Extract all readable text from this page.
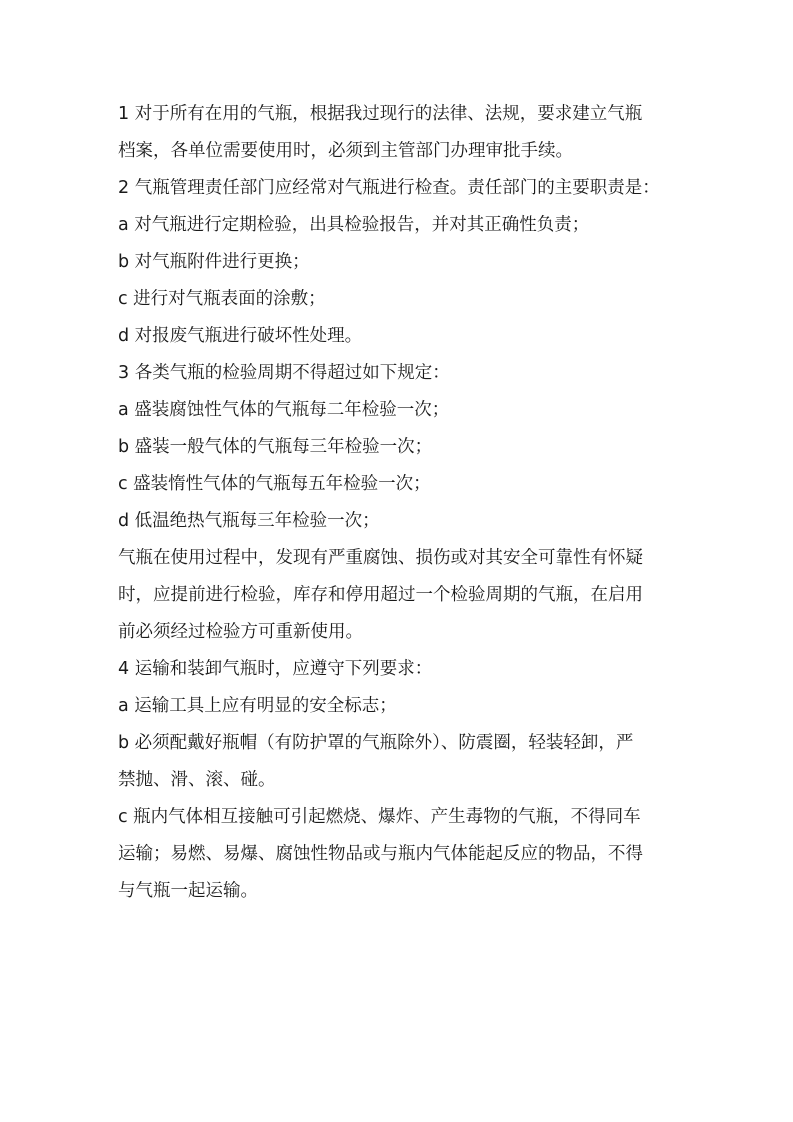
1 对于所有在用的气瓶，根据我过现行的法律、法规，要求建立气瓶
档案，各单位需要使用时，必须到主管部门办理审批手续。
2 气瓶管理责任部门应经常对气瓶进行检查。责任部门的主要职责是：
a 对气瓶进行定期检验，出具检验报告，并对其正确性负责；
b 对气瓶附件进行更换；
c 进行对气瓶表面的涂敷；
d 对报废气瓶进行破坏性处理。
3 各类气瓶的检验周期不得超过如下规定：
a 盛装腐蚀性气体的气瓶每二年检验一次；
b 盛装一般气体的气瓶每三年检验一次；
c 盛装惰性气体的气瓶每五年检验一次；
d 低温绝热气瓶每三年检验一次；
气瓶在使用过程中，发现有严重腐蚀、损伤或对其安全可靠性有怀疑
时，应提前进行检验，库存和停用超过一个检验周期的气瓶，在启用
前必须经过检验方可重新使用。
4 运输和装卸气瓶时，应遵守下列要求：
a 运输工具上应有明显的安全标志；
b 必须配戴好瓶帽（有防护罩的气瓶除外）、防震圈，轻装轻卸，严
禁抛、滑、滚、碰。
c 瓶内气体相互接触可引起燃烧、爆炸、产生毒物的气瓶，不得同车
运输；易燃、易爆、腐蚀性物品或与瓶内气体能起反应的物品，不得
与气瓶一起运输。
